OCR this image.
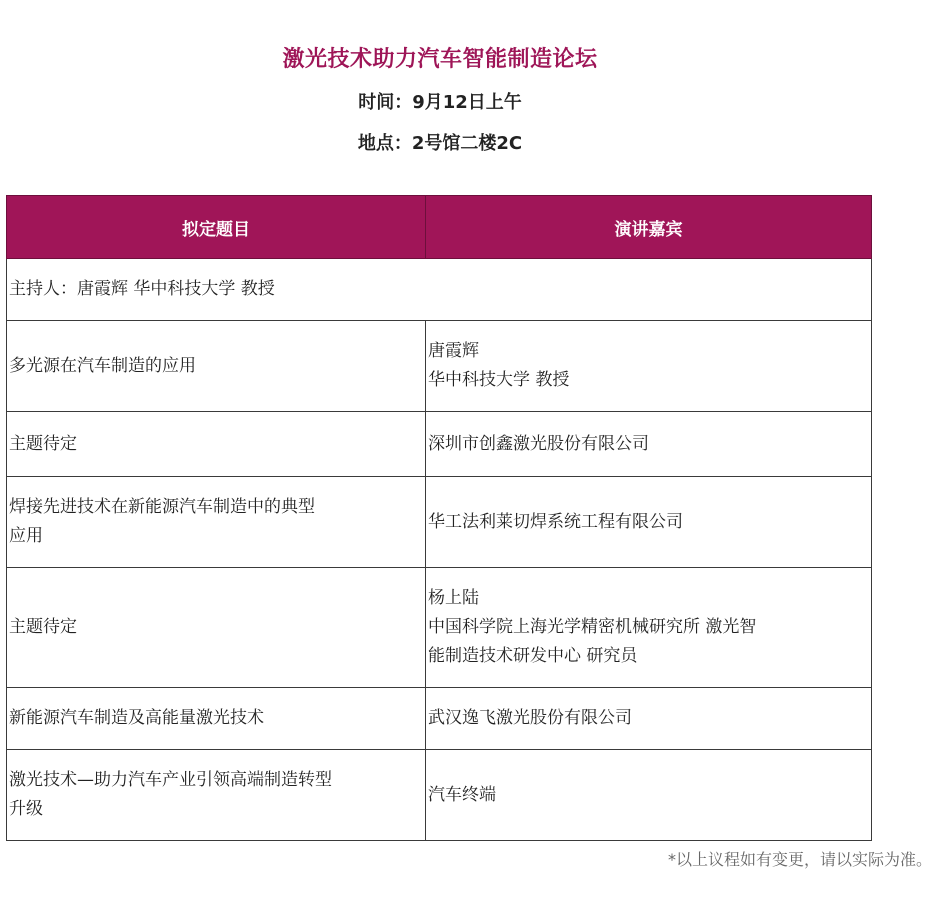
激光技术助力汽车智能制造论坛
时间：9月12日上午
地点：2号馆二楼2C
拟定题目	演讲嘉宾
主持人：唐霞辉 华中科技大学 教授	

多光源在汽车制造的应用	唐霞辉
华中科技大学 教授

主题待定	深圳市创鑫激光股份有限公司

焊接先进技术在新能源汽车制造中的典型
应用	华工法利莱切焊系统工程有限公司

主题待定	杨上陆
中国科学院上海光学精密机械研究所 激光智
能制造技术研发中心 研究员

新能源汽车制造及高能量激光技术	武汉逸飞激光股份有限公司

激光技术—助力汽车产业引领高端制造转型
升级	汽车终端
*以上议程如有变更，请以实际为准。
